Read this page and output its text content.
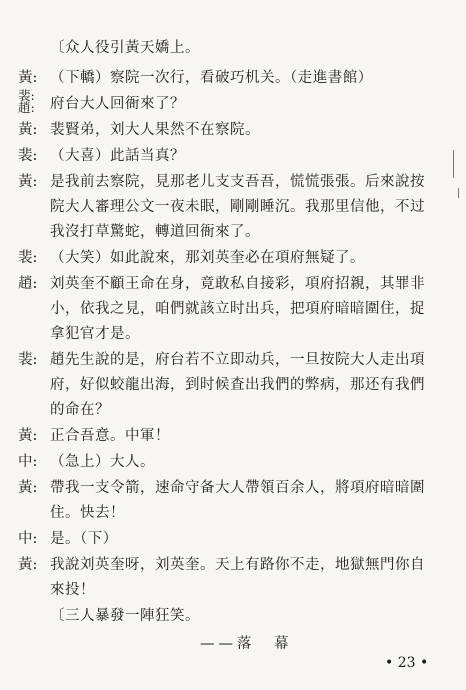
〔众人役引黃天嬌上。
黃: （下轎）察院一次行，看破巧机关。（走進書館）
裴:
趙:	府台大人回衙來了？
黃: 裴賢弟，刘大人果然不在察院。
裴: （大喜）此話当真？
黃: 是我前去察院，見那老儿支支吾吾，慌慌張張。后來說按
院大人審理公文一夜未眠，剛剛睡沉。我那里信他，不过
我沒打草驚蛇，轉道回衙來了。
裴: （大笑）如此說來，那刘英奎必在項府無疑了。
趙: 刘英奎不顧王命在身，竟敢私自接彩，項府招親，其罪非
小，依我之見，咱們就該立时出兵，把項府暗暗圍住，捉
拿犯官才是。
裴: 趙先生說的是，府台若不立即动兵，一旦按院大人走出項
府，好似蛟龍出海，到时候査出我們的弊病，那还有我們
的命在？
黃: 正合吾意。中軍！
中: （急上）大人。
黃: 帶我一支令箭，速命守备大人帶領百余人，將項府暗暗圍
住。快去！
中: 是。（下）
黃: 我說刘英奎呀，刘英奎。天上有路你不走，地獄無門你自
來投！
〔三人暴發一陣狂笑。
——落　幕
• 23 •
